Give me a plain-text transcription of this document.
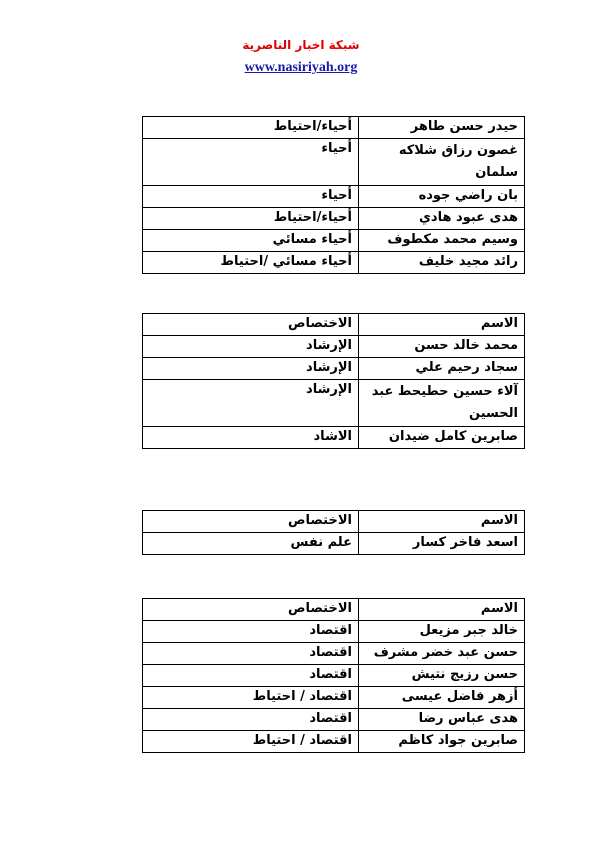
شبكة اخبار الناصرية
www.nasiriyah.org
حيدر حسن طاهر	أحياء/احتياط
غصون رزاق شلاكه سلمان	أحياء
بان راضي جوده	أحياء
هدى عبود هادي	أحياء/احتياط
وسيم محمد مكطوف	أحياء مسائي
رائد مجيد خليف	أحياء مسائي /احتياط
الاسم	الاختصاص
محمد خالد حسن	الإرشاد
سجاد رحيم علي	الإرشاد
آلاء حسين حطيحط عبد الحسين	الإرشاد
صابرين كامل ضيدان	الاشاد
الاسم	الاختصاص
اسعد فاخر كسار	علم نفس
الاسم	الاختصاص
خالد جبر مزيعل	اقتصاد
حسن عبد خضر مشرف	اقتصاد
حسن رزيج نتيش	اقتصاد
أزهر فاضل عيسى	اقتصاد / احتياط
هدى عباس رضا	اقتصاد
صابرين جواد كاظم	اقتصاد / احتياط
